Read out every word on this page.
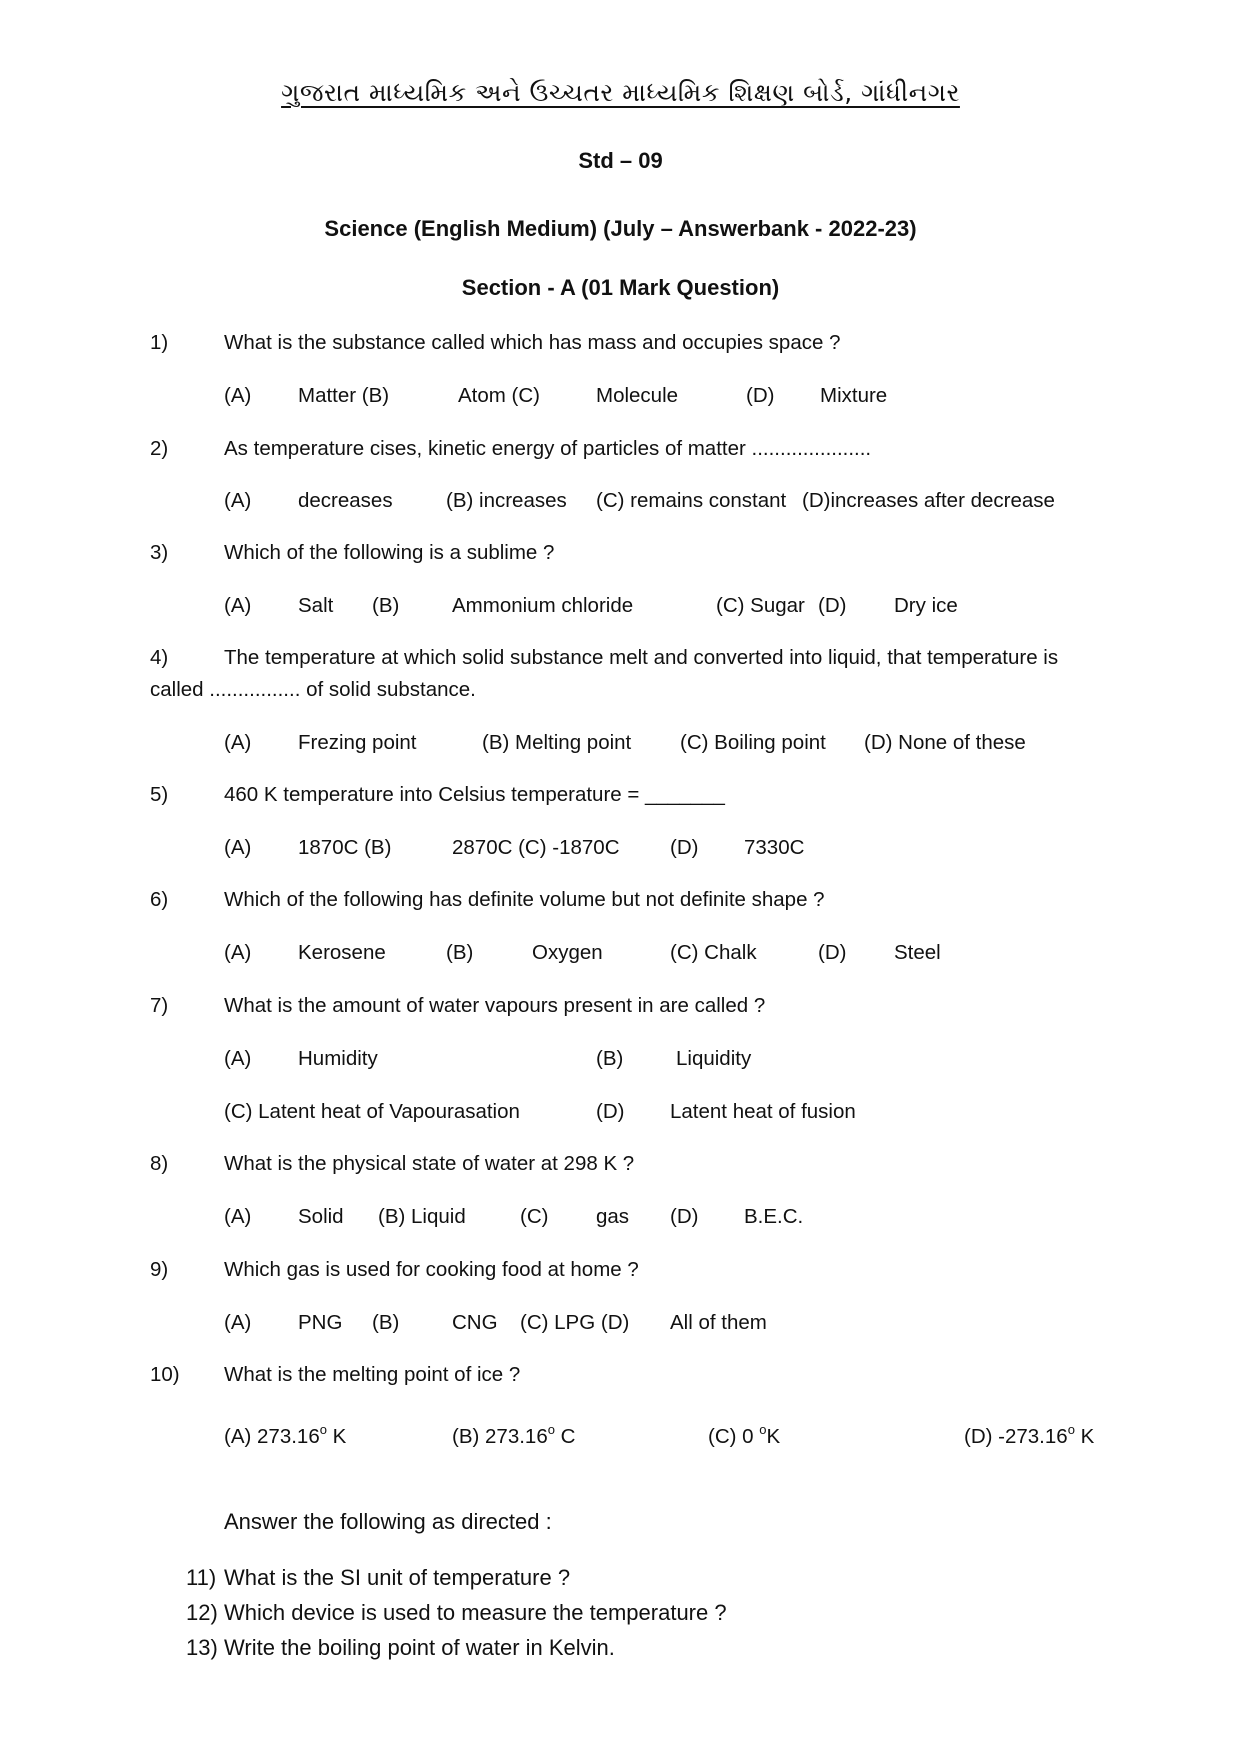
ગુજરાત માધ્યમિક અને ઉચ્ચતર માધ્યમિક શિક્ષણ બોર્ડ, ગાંધીનગર
Std – 09
Science (English Medium) (July – Answerbank - 2022-23)
Section - A (01 Mark Question)
1)	What is the substance called which has mass and occupies space ?
(A) Matter (B)	Atom (C)	Molecule	(D) Mixture
2)	As temperature cises, kinetic energy of particles of matter .....................
(A) decreases	(B) increases (C) remains constant (D)increases after decrease
3)	Which of the following is a sublime ?
(A) Salt (B)	Ammonium chloride	(C) Sugar (D) Dry ice
4)	The temperature at which solid substance melt and converted into liquid, that temperature is
called ................ of solid substance.
(A) Frezing point	(B) Melting point (C) Boiling point (D) None of these
5)	460 K temperature into Celsius temperature = _______
(A) 1870C (B)	2870C (C) -1870C (D) 7330C
6)	Which of the following has definite volume but not definite shape ?
(A) Kerosene	(B)	Oxygen	(C) Chalk	(D) Steel
7)	What is the amount of water vapours present in are called ?
(A) Humidity	(B)	Liquidity
(C) Latent heat of Vapourasation	(D) Latent heat of fusion
8)	What is the physical state of water at 298 K ?
(A) Solid (B) Liquid	(C) gas (D) B.E.C.
9)	Which gas is used for cooking food at home ?
(A) PNG (B)	CNG (C) LPG (D) All of them
10) What is the melting point of ice ?
(A) 273.16$^o$ K	(B) 273.16$^o$ C	(C) 0 $^o$K	(D) -273.16$^o$ K
Answer the following as directed :
11) What is the SI unit of temperature ?
12) Which device is used to measure the temperature ?
13) Write the boiling point of water in Kelvin.
